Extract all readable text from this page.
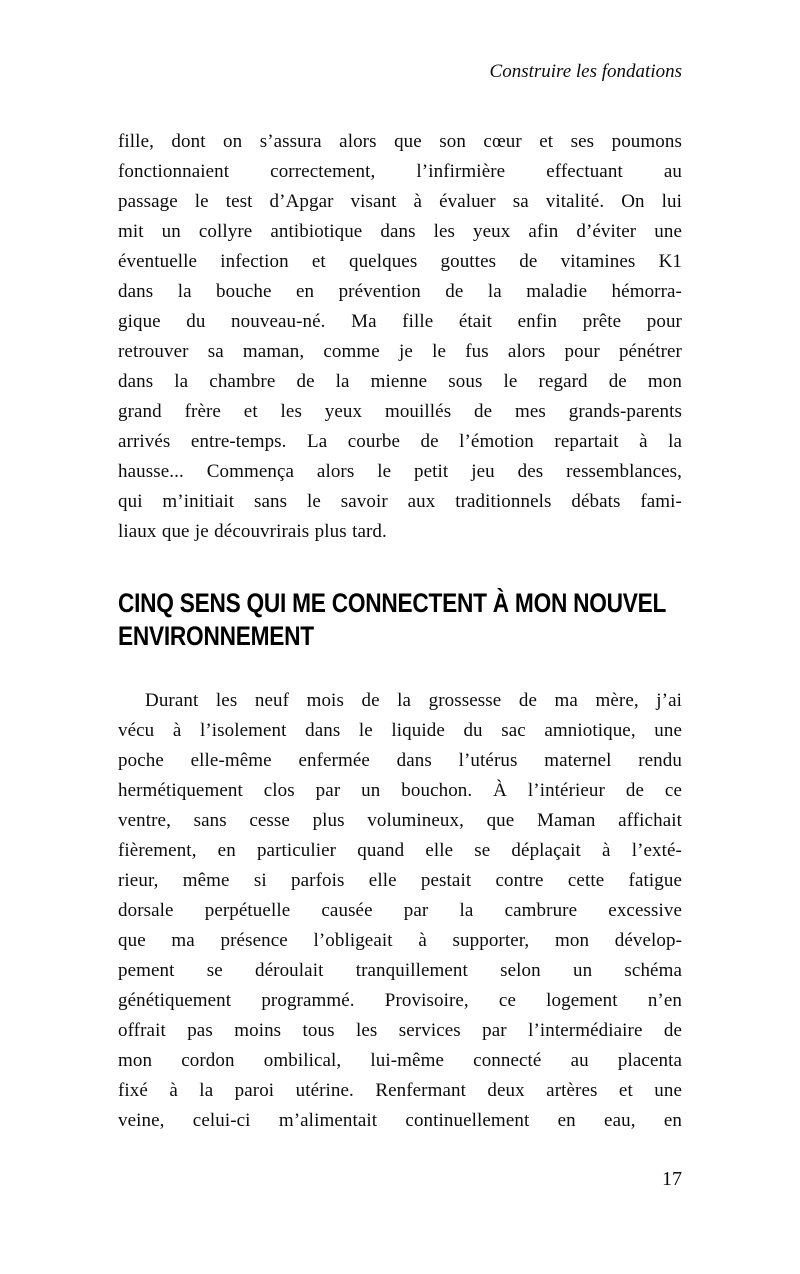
Construire les fondations
fille, dont on s’assura alors que son cœur et ses poumons
fonctionnaient correctement, l’infirmière effectuant au
passage le test d’Apgar visant à évaluer sa vitalité. On lui
mit un collyre antibiotique dans les yeux afin d’éviter une
éventuelle infection et quelques gouttes de vitamines K1
dans la bouche en prévention de la maladie hémorra-
gique du nouveau-né. Ma fille était enfin prête pour
retrouver sa maman, comme je le fus alors pour pénétrer
dans la chambre de la mienne sous le regard de mon
grand frère et les yeux mouillés de mes grands-parents
arrivés entre-temps. La courbe de l’émotion repartait à la
hausse... Commença alors le petit jeu des ressemblances,
qui m’initiait sans le savoir aux traditionnels débats fami-
liaux que je découvrirais plus tard.
CINQ SENS QUI ME CONNECTENT À MON NOUVEL
ENVIRONNEMENT
Durant les neuf mois de la grossesse de ma mère, j’ai
vécu à l’isolement dans le liquide du sac amniotique, une
poche elle-même enfermée dans l’utérus maternel rendu
hermétiquement clos par un bouchon. À l’intérieur de ce
ventre, sans cesse plus volumineux, que Maman affichait
fièrement, en particulier quand elle se déplaçait à l’exté-
rieur, même si parfois elle pestait contre cette fatigue
dorsale perpétuelle causée par la cambrure excessive
que ma présence l’obligeait à supporter, mon dévelop-
pement se déroulait tranquillement selon un schéma
génétiquement programmé. Provisoire, ce logement n’en
offrait pas moins tous les services par l’intermédiaire de
mon cordon ombilical, lui-même connecté au placenta
fixé à la paroi utérine. Renfermant deux artères et une
veine, celui-ci m’alimentait continuellement en eau, en
17
